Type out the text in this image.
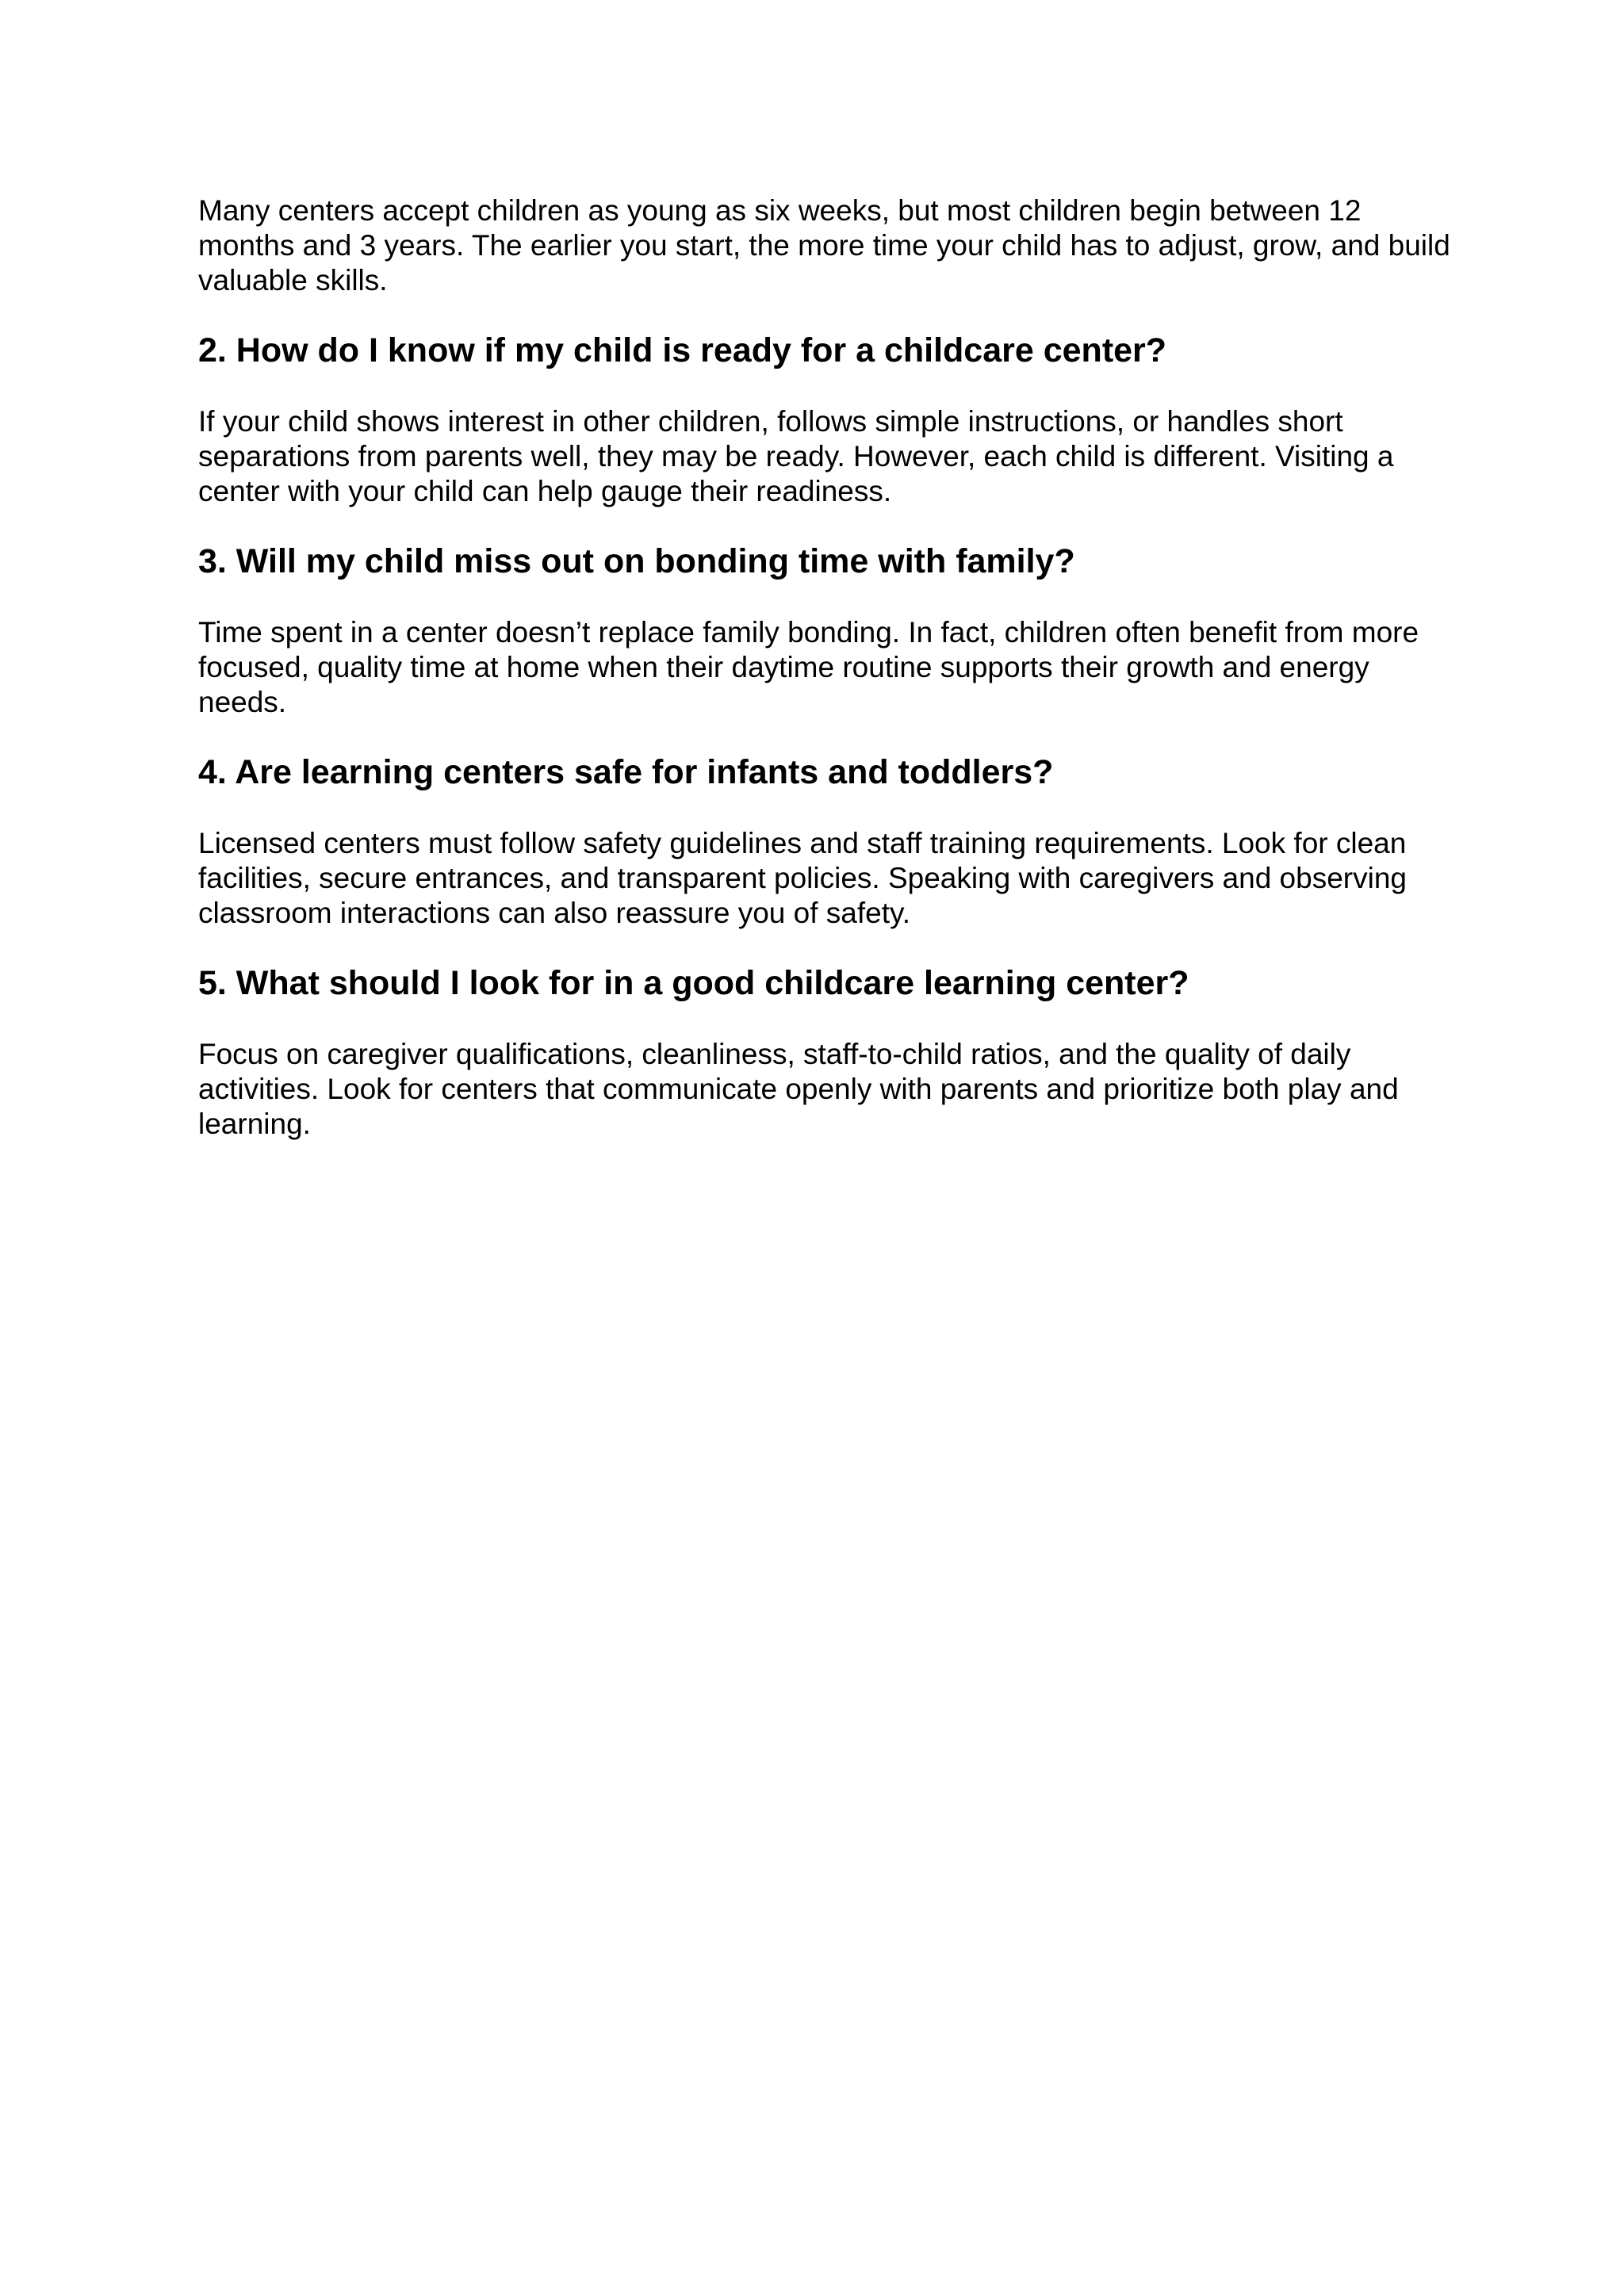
Many centers accept children as young as six weeks, but most children begin between 12 months and 3 years. The earlier you start, the more time your child has to adjust, grow, and build valuable skills.

2. How do I know if my child is ready for a childcare center?

If your child shows interest in other children, follows simple instructions, or handles short separations from parents well, they may be ready. However, each child is different. Visiting a center with your child can help gauge their readiness.

3. Will my child miss out on bonding time with family?

Time spent in a center doesn’t replace family bonding. In fact, children often benefit from more focused, quality time at home when their daytime routine supports their growth and energy needs.

4. Are learning centers safe for infants and toddlers?

Licensed centers must follow safety guidelines and staff training requirements. Look for clean facilities, secure entrances, and transparent policies. Speaking with caregivers and observing classroom interactions can also reassure you of safety.

5. What should I look for in a good childcare learning center?

Focus on caregiver qualifications, cleanliness, staff-to-child ratios, and the quality of daily activities. Look for centers that communicate openly with parents and prioritize both play and learning.
